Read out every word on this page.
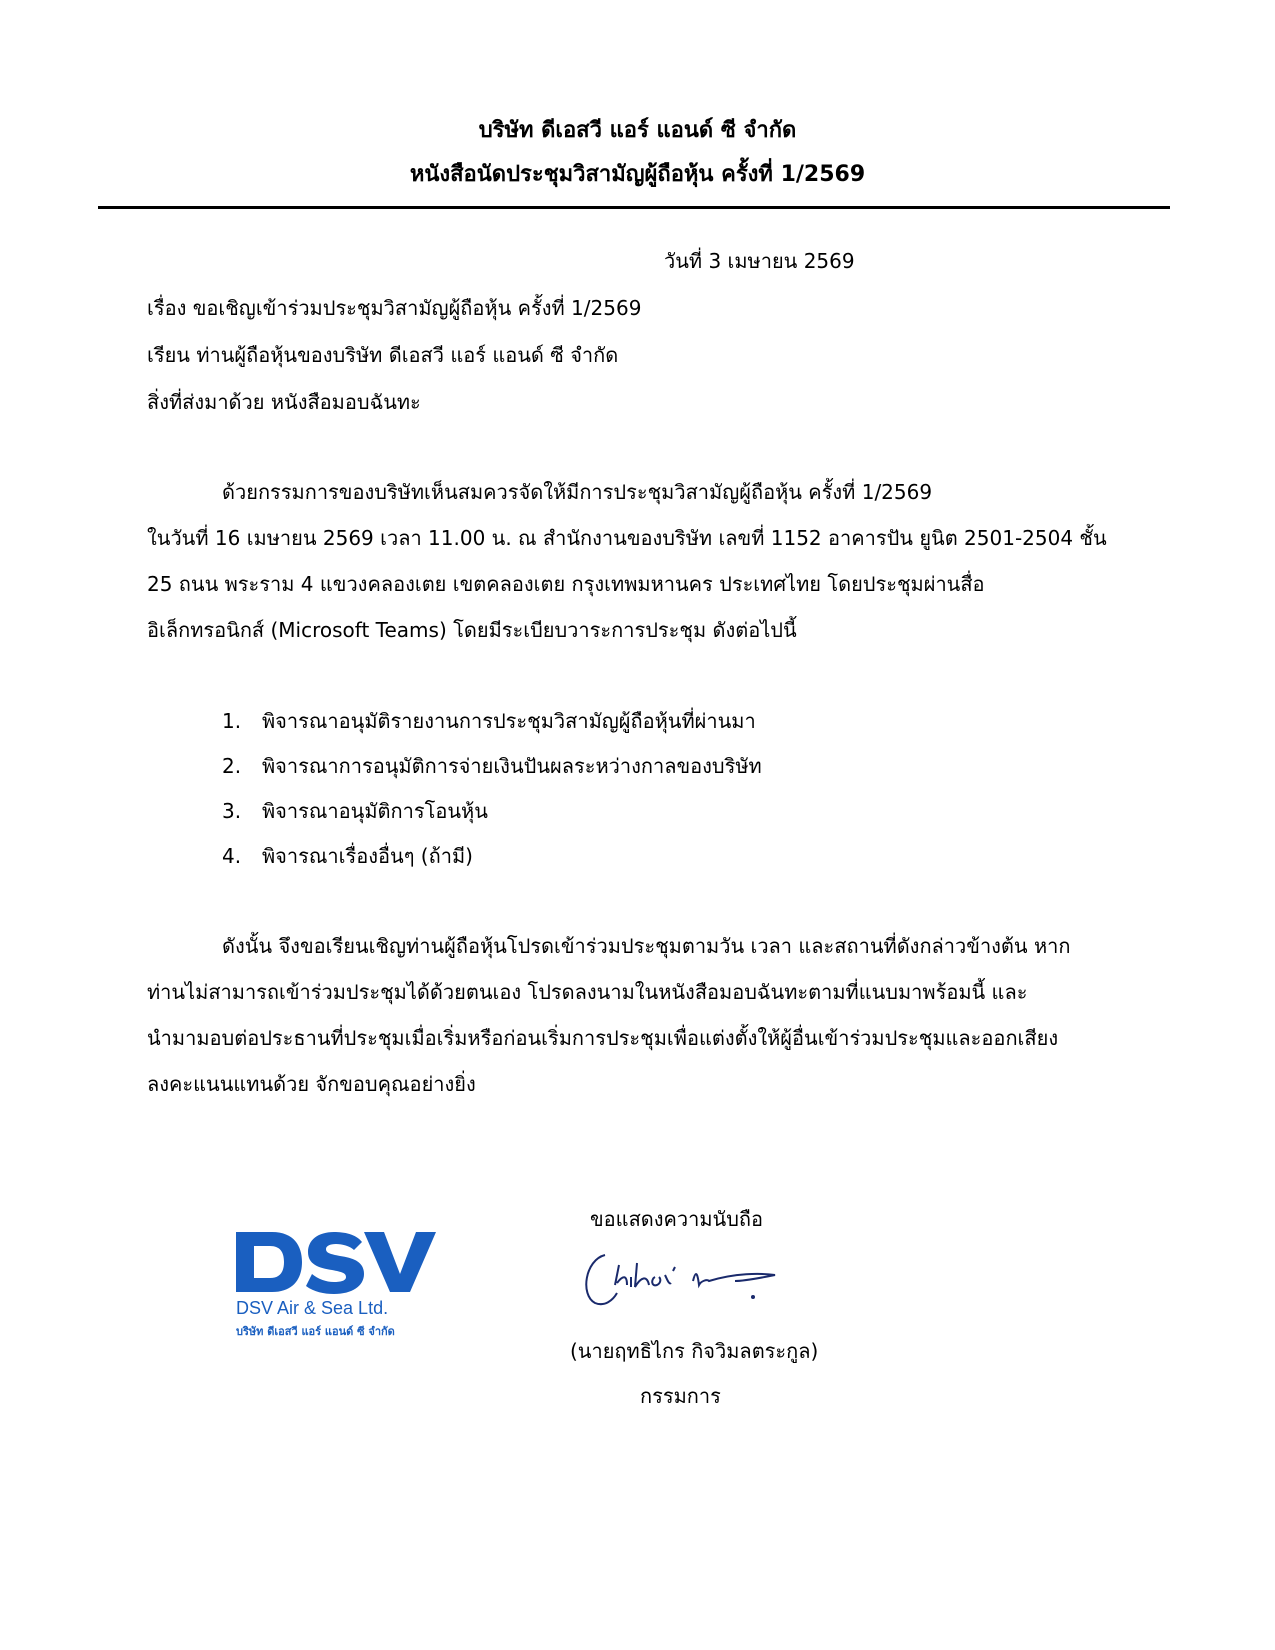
บริษัท ดีเอสวี แอร์ แอนด์ ซี จำกัด
หนังสือนัดประชุมวิสามัญผู้ถือหุ้น ครั้งที่ 1/2569
วันที่ 3 เมษายน 2569
เรื่อง ขอเชิญเข้าร่วมประชุมวิสามัญผู้ถือหุ้น ครั้งที่ 1/2569
เรียน ท่านผู้ถือหุ้นของบริษัท ดีเอสวี แอร์ แอนด์ ซี จำกัด
สิ่งที่ส่งมาด้วย หนังสือมอบฉันทะ
ด้วยกรรมการของบริษัทเห็นสมควรจัดให้มีการประชุมวิสามัญผู้ถือหุ้น ครั้งที่ 1/2569
ในวันที่ 16 เมษายน 2569 เวลา 11.00 น. ณ สำนักงานของบริษัท เลขที่ 1152 อาคารปัน ยูนิต 2501-2504 ชั้น
25 ถนน พระราม 4 แขวงคลองเตย เขตคลองเตย กรุงเทพมหานคร ประเทศไทย โดยประชุมผ่านสื่อ
อิเล็กทรอนิกส์ (Microsoft Teams) โดยมีระเบียบวาระการประชุม ดังต่อไปนี้
1. พิจารณาอนุมัติรายงานการประชุมวิสามัญผู้ถือหุ้นที่ผ่านมา
2. พิจารณาการอนุมัติการจ่ายเงินปันผลระหว่างกาลของบริษัท
3. พิจารณาอนุมัติการโอนหุ้น
4. พิจารณาเรื่องอื่นๆ (ถ้ามี)
ดังนั้น จึงขอเรียนเชิญท่านผู้ถือหุ้นโปรดเข้าร่วมประชุมตามวัน เวลา และสถานที่ดังกล่าวข้างต้น หาก
ท่านไม่สามารถเข้าร่วมประชุมได้ด้วยตนเอง โปรดลงนามในหนังสือมอบฉันทะตามที่แนบมาพร้อมนี้ และ
นำมามอบต่อประธานที่ประชุมเมื่อเริ่มหรือก่อนเริ่มการประชุมเพื่อแต่งตั้งให้ผู้อื่นเข้าร่วมประชุมและออกเสียง
ลงคะแนนแทนด้วย จักขอบคุณอย่างยิ่ง
ขอแสดงความนับถือ
(นายฤทธิไกร กิจวิมลตระกูล)
กรรมการ
DSV Air & Sea Ltd.
บริษัท ดีเอสวี แอร์ แอนด์ ซี จำกัด
